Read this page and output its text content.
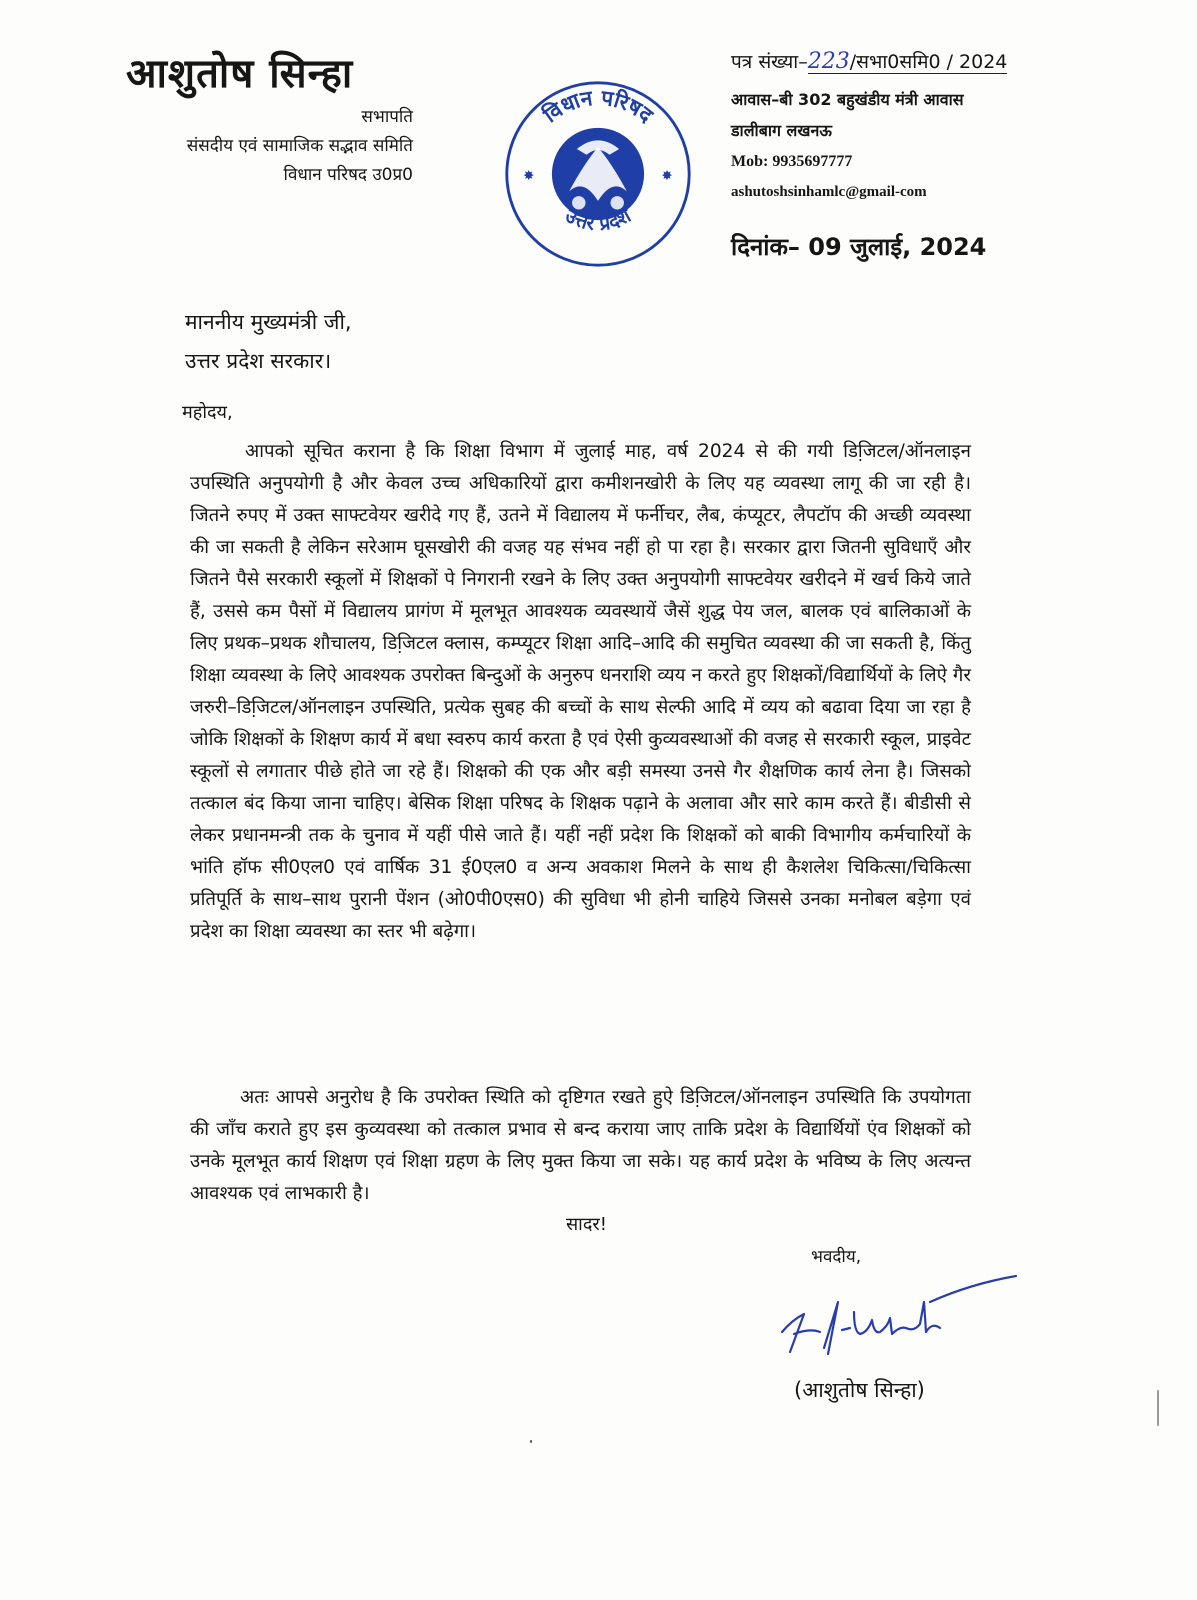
आशुतोष सिन्हा
सभापति
संसदीय एवं सामाजिक सद्भाव समिति
विधान परिषद उ0प्र0
विधान परिषद
उत्तर प्रदेश
✸	✸
पत्र संख्या–223/सभा0समि0 / 2024
आवास–बी 302 बहुखंडीय मंत्री आवास
डालीबाग लखनऊ
Mob: 9935697777
ashutoshsinhamlc@gmail-com
दिनांक– 09 जुलाई, 2024
माननीय मुख्यमंत्री जी,
उत्तर प्रदेश सरकार।
महोदय,
आपको सूचित कराना है कि शिक्षा विभाग में जुलाई माह, वर्ष 2024 से की गयी डिजि़टल/ऑनलाइन उपस्थिति अनुपयोगी है और केवल उच्च अधिकारियों द्वारा कमीशनखोरी के लिए यह व्यवस्था लागू की जा रही है। जितने रुपए में उक्त साफ्टवेयर खरीदे गए हैं, उतने में विद्यालय में फर्नीचर, लैब, कंप्यूटर, लैपटॉप की अच्छी व्यवस्था की जा सकती है लेकिन सरेआम घूसखोरी की वजह यह संभव नहीं हो पा रहा है। सरकार द्वारा जितनी सुविधाएँ और जितने पैसे सरकारी स्कूलों में शिक्षकों पे निगरानी रखने के लिए उक्त अनुपयोगी साफ्टवेयर खरीदने में खर्च किये जाते हैं, उससे कम पैसों में विद्यालय प्रागंण में मूलभूत आवश्यक व्यवस्थायें जैसें शुद्ध पेय जल, बालक एवं बालिकाओं के लिए प्रथक–प्रथक शौचालय, डिजि़टल क्लास, कम्प्यूटर शिक्षा आदि–आदि की समुचित व्यवस्था की जा सकती है, किंतु शिक्षा व्यवस्था के लिऐ आवश्यक उपरोक्त बिन्दुओं के अनुरुप धनराशि व्यय न करते हुए शिक्षकों/विद्यार्थियों के लिऐ गैर जरुरी–डिजि़टल/ऑनलाइन उपस्थिति, प्रत्येक सुबह की बच्चों के साथ सेल्फी आदि में व्यय को बढावा दिया जा रहा है जोकि शिक्षकों के शिक्षण कार्य में बधा स्वरुप कार्य करता है एवं ऐसी कुव्यवस्थाओं की वजह से सरकारी स्कूल, प्राइवेट स्कूलों से लगातार पीछे होते जा रहे हैं। शिक्षको की एक और बड़ी समस्या उनसे गैर शैक्षणिक कार्य लेना है। जिसको तत्काल बंद किया जाना चाहिए। बेसिक शिक्षा परिषद के शिक्षक पढ़ाने के अलावा और सारे काम करते हैं। बीडीसी से लेकर प्रधानमन्त्री तक के चुनाव में यहीं पीसे जाते हैं। यहीं नहीं प्रदेश कि शिक्षकों को बाकी विभागीय कर्मचारियों के भांति हॉफ सी0एल0 एवं वार्षिक 31 ई0एल0 व अन्य अवकाश मिलने के साथ ही कैशलेश चिकित्सा/चिकित्सा प्रतिपूर्ति के साथ–साथ पुरानी पेंशन (ओ0पी0एस0) की सुविधा भी होनी चाहिये जिससे उनका मनोबल बड़ेगा एवं प्रदेश का शिक्षा व्यवस्था का स्तर भी बढ़ेगा।
अतः आपसे अनुरोध है कि उपरोक्त स्थिति को दृष्टिगत रखते हुऐ डिजि़टल/ऑनलाइन उपस्थिति कि उपयोगता की जाँच कराते हुए इस कुव्यवस्था को तत्काल प्रभाव से बन्द कराया जाए ताकि प्रदेश के विद्यार्थियों एंव शिक्षकों को उनके मूलभूत कार्य शिक्षण एवं शिक्षा ग्रहण के लिए मुक्त किया जा सके। यह कार्य प्रदेश के भविष्य के लिए अत्यन्त आवश्यक एवं लाभकारी है।
सादर!
भवदीय,
(आशुतोष सिन्हा)
